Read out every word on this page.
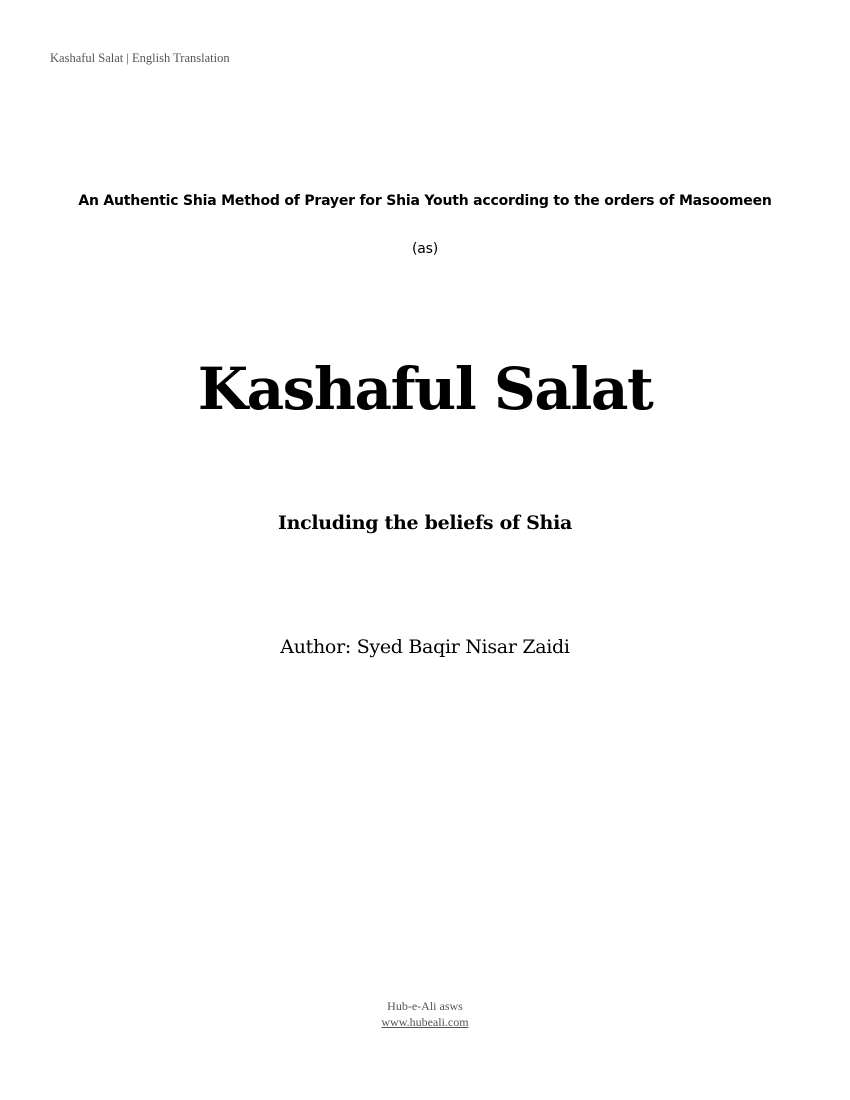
Kashaful Salat | English Translation
An Authentic Shia Method of Prayer for Shia Youth according to the orders of Masoomeen
(as)
Kashaful Salat
Including the beliefs of Shia
Author: Syed Baqir Nisar Zaidi
Hub-e-Ali asws
www.hubeali.com
